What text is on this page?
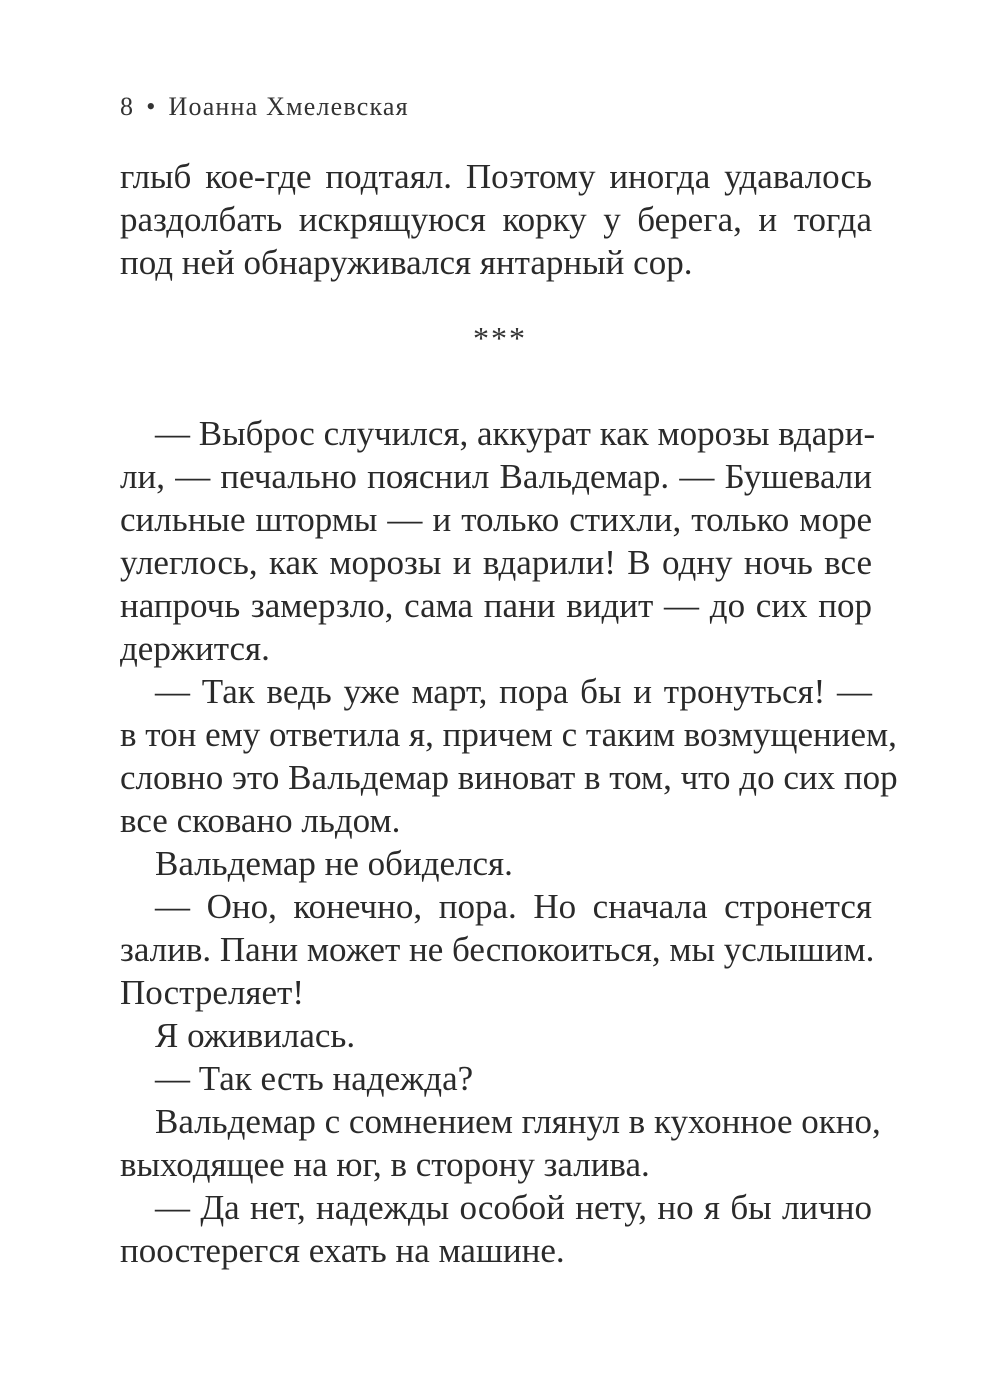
8 • Иоанна Хмелевская
глыб кое-где подтаял. Поэтому иногда удавалось
раздолбать искрящуюся корку у берега, и тогда
под ней обнаруживался янтарный сор.
***
— Выброс случился, аккурат как морозы вдари-
ли, — печально пояснил Вальдемар. — Бушевали
сильные штормы — и только стихли, только море
улеглось, как морозы и вдарили! В одну ночь все
напрочь замерзло, сама пани видит — до сих пор
держится.
— Так ведь уже март, пора бы и тронуться! —
в тон ему ответила я, причем с таким возмущением,
словно это Вальдемар виноват в том, что до сих пор
все сковано льдом.
Вальдемар не обиделся.
— Оно, конечно, пора. Но сначала стронется
залив. Пани может не беспокоиться, мы услышим.
Постреляет!
Я оживилась.
— Так есть надежда?
Вальдемар с сомнением глянул в кухонное окно,
выходящее на юг, в сторону залива.
— Да нет, надежды особой нету, но я бы лично
поостерегся ехать на машине.
